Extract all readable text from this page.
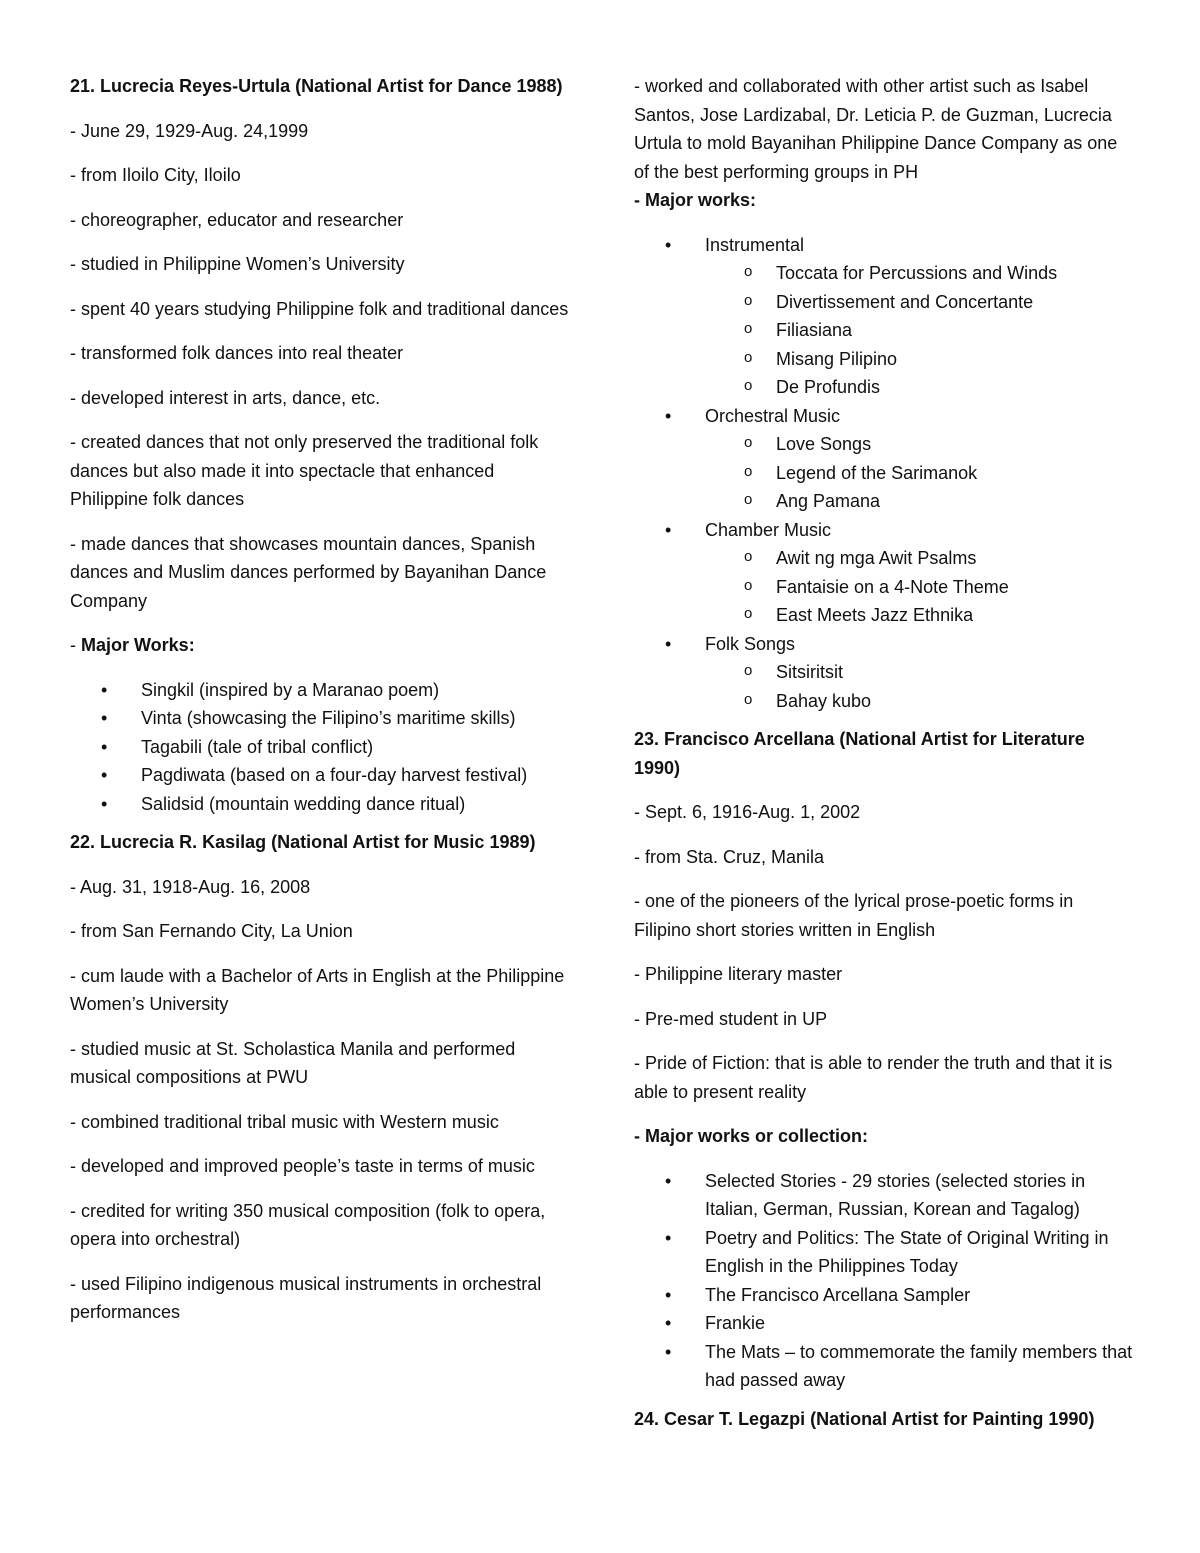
21. Lucrecia Reyes-Urtula (National Artist for Dance 1988)

- June 29, 1929-Aug. 24,1999

- from Iloilo City, Iloilo

- choreographer, educator and researcher

- studied in Philippine Women’s University

- spent 40 years studying Philippine folk and traditional dances

- transformed folk dances into real theater

- developed interest in arts, dance, etc.

- created dances that not only preserved the traditional folk dances but also made it into spectacle that enhanced Philippine folk dances

- made dances that showcases mountain dances, Spanish dances and Muslim dances performed by Bayanihan Dance Company

- Major Works:

• Singkil (inspired by a Maranao poem)
• Vinta (showcasing the Filipino’s maritime skills)
• Tagabili (tale of tribal conflict)
• Pagdiwata (based on a four-day harvest festival)
• Salidsid (mountain wedding dance ritual)

22. Lucrecia R. Kasilag (National Artist for Music 1989)

- Aug. 31, 1918-Aug. 16, 2008

- from San Fernando City, La Union

- cum laude with a Bachelor of Arts in English at the Philippine Women’s University

- studied music at St. Scholastica Manila and performed musical compositions at PWU

- combined traditional tribal music with Western music

- developed and improved people’s taste in terms of music

- credited for writing 350 musical composition (folk to opera, opera into orchestral)

- used Filipino indigenous musical instruments in orchestral performances

- worked and collaborated with other artist such as Isabel Santos, Jose Lardizabal, Dr. Leticia P. de Guzman, Lucrecia Urtula to mold Bayanihan Philippine Dance Company as one of the best performing groups in PH

- Major works:

• Instrumental
o Toccata for Percussions and Winds
o Divertissement and Concertante
o Filiasiana
o Misang Pilipino
o De Profundis
• Orchestral Music
o Love Songs
o Legend of the Sarimanok
o Ang Pamana
• Chamber Music
o Awit ng mga Awit Psalms
o Fantaisie on a 4-Note Theme
o East Meets Jazz Ethnika
• Folk Songs
o Sitsiritsit
o Bahay kubo

23. Francisco Arcellana (National Artist for Literature 1990)

- Sept. 6, 1916-Aug. 1, 2002

- from Sta. Cruz, Manila

- one of the pioneers of the lyrical prose-poetic forms in Filipino short stories written in English

- Philippine literary master

- Pre-med student in UP

- Pride of Fiction: that is able to render the truth and that it is able to present reality

- Major works or collection:

• Selected Stories - 29 stories (selected stories in Italian, German, Russian, Korean and Tagalog)
• Poetry and Politics: The State of Original Writing in English in the Philippines Today
• The Francisco Arcellana Sampler
• Frankie
• The Mats – to commemorate the family members that had passed away

24. Cesar T. Legazpi (National Artist for Painting 1990)
